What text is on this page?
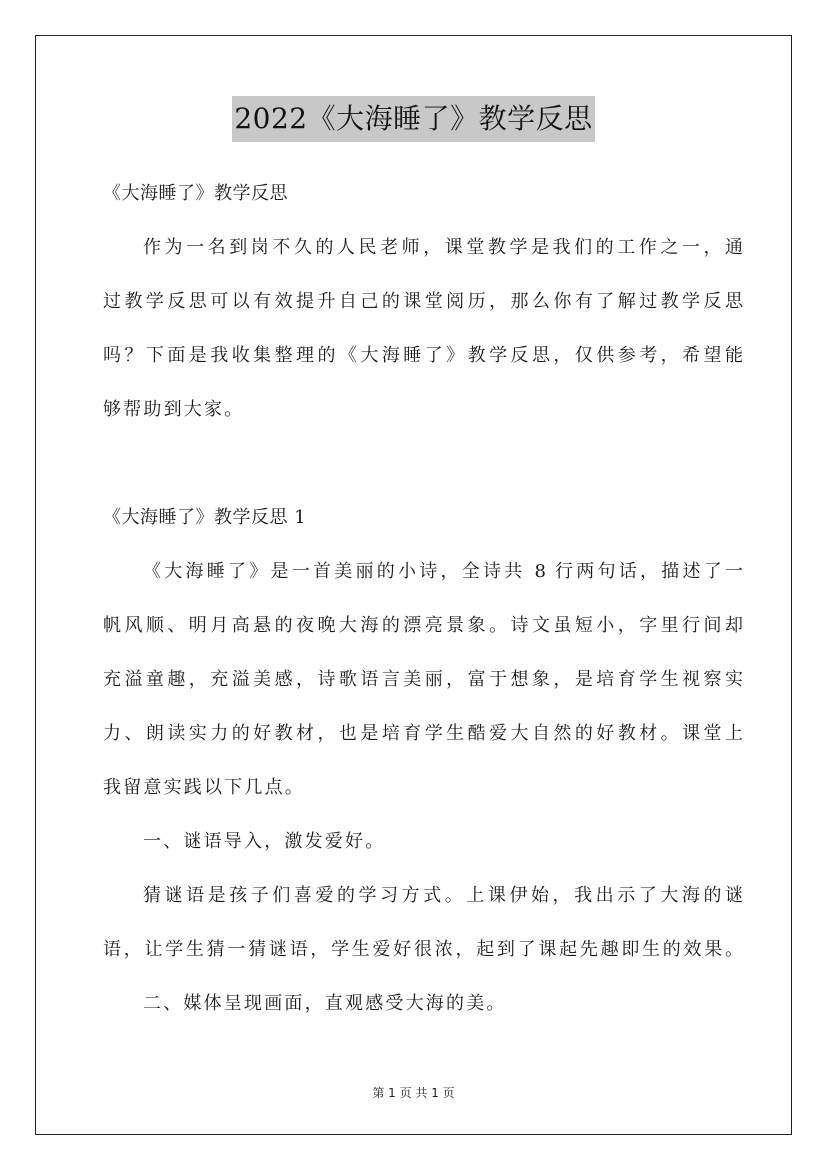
2022《大海睡了》教学反思
《大海睡了》教学反思
作为一名到岗不久的人民老师，课堂教学是我们的工作之一，通
过教学反思可以有效提升自己的课堂阅历，那么你有了解过教学反思
吗？下面是我收集整理的《大海睡了》教学反思，仅供参考，希望能
够帮助到大家。
《大海睡了》教学反思 1
《大海睡了》是一首美丽的小诗，全诗共 8 行两句话，描述了一
帆风顺、明月高悬的夜晚大海的漂亮景象。诗文虽短小，字里行间却
充溢童趣，充溢美感，诗歌语言美丽，富于想象，是培育学生视察实
力、朗读实力的好教材，也是培育学生酷爱大自然的好教材。课堂上
我留意实践以下几点。
一、谜语导入，激发爱好。
猜谜语是孩子们喜爱的学习方式。上课伊始，我出示了大海的谜
语，让学生猜一猜谜语，学生爱好很浓，起到了课起先趣即生的效果。
二、媒体呈现画面，直观感受大海的美。
第 1 页 共 1 页
